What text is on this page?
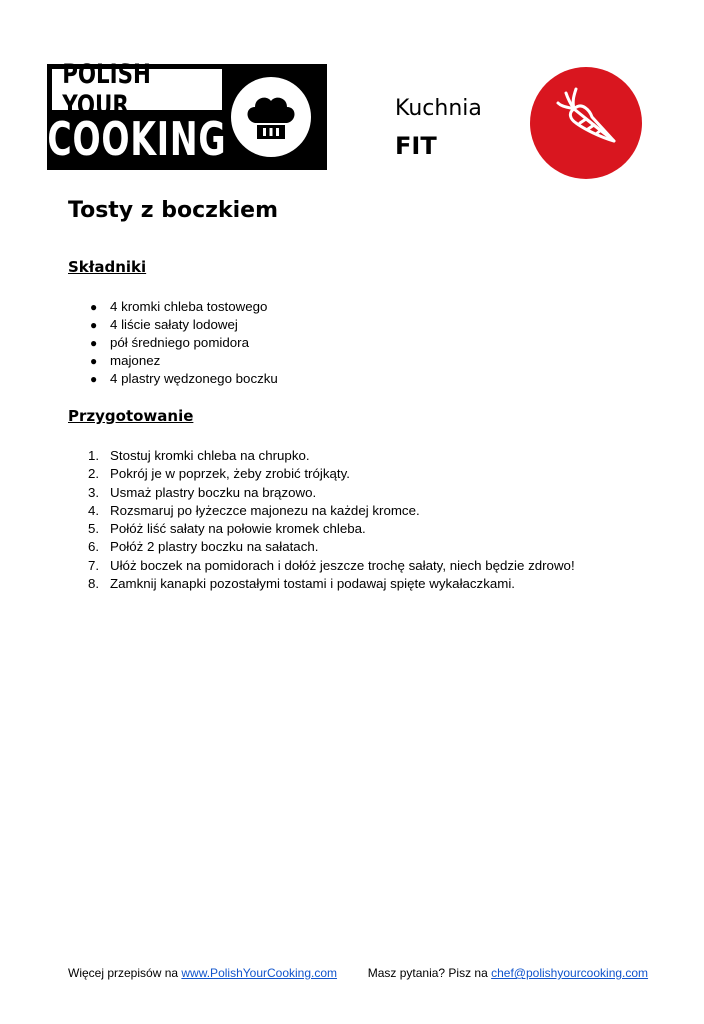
POLISH YOUR
COOKING
Kuchnia
FIT
Tosty z boczkiem
Składniki
● 4 kromki chleba tostowego
● 4 liście sałaty lodowej
● pół średniego pomidora
● majonez
● 4 plastry wędzonego boczku
Przygotowanie
1. Stostuj kromki chleba na chrupko.
2. Pokrój je w poprzek, żeby zrobić trójkąty.
3. Usmaż plastry boczku na brązowo.
4. Rozsmaruj po łyżeczce majonezu na każdej kromce.
5. Połóż liść sałaty na połowie kromek chleba.
6. Połóż 2 plastry boczku na sałatach.
7. Ułóż boczek na pomidorach i dołóż jeszcze trochę sałaty, niech będzie zdrowo!
8. Zamknij kanapki pozostałymi tostami i podawaj spięte wykałaczkami.
Więcej przepisów na www.PolishYourCooking.com	Masz pytania? Pisz na chef@polishyourcooking.com
